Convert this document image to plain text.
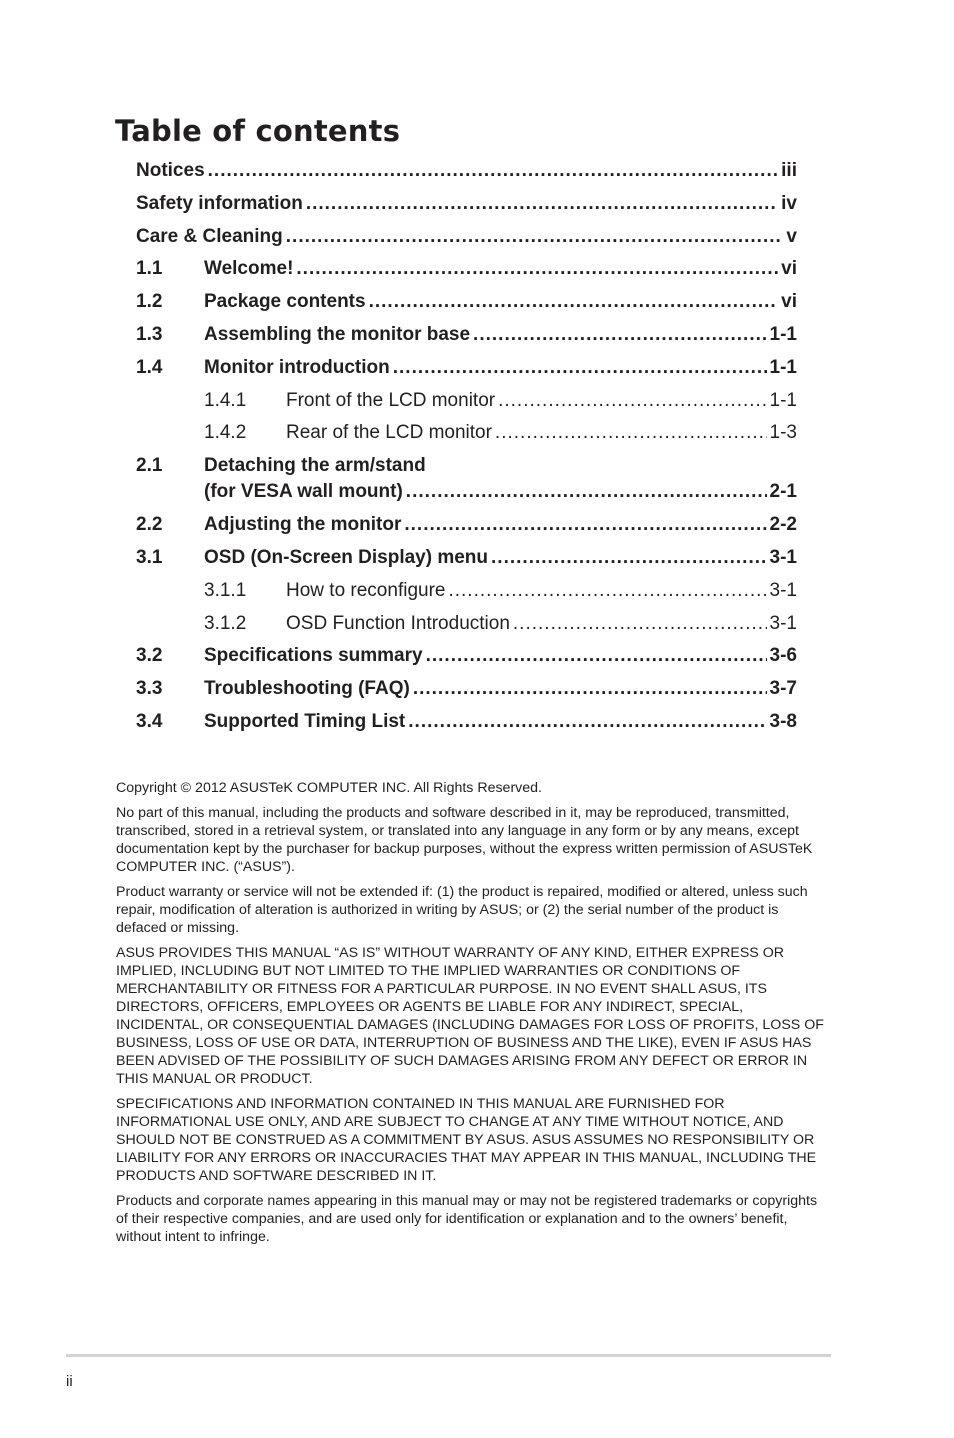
Table of contents
Notices .....	iii
Safety information .....	iv
Care & Cleaning .....	v
1.1	Welcome! .....	vi
1.2	Package contents .....	vi
1.3	Assembling the monitor base .....	1-1
1.4	Monitor introduction .....	1-1
1.4.1	Front of the LCD monitor .....	1-1
1.4.2	Rear of the LCD monitor .....	1-3
2.1 Detaching the arm/stand
(for VESA wall mount) .....	2-1
2.2	Adjusting the monitor .....	2-2
3.1	OSD (On-Screen Display) menu .....	3-1
3.1.1	How to reconfigure .....	3-1
3.1.2	OSD Function Introduction .....	3-1
3.2	Specifications summary .....	3-6
3.3	Troubleshooting (FAQ) .....	3-7
3.4	Supported Timing List .....	3-8

Copyright © 2012 ASUSTeK COMPUTER INC. All Rights Reserved.

No part of this manual, including the products and software described in it, may be reproduced, transmitted, transcribed, stored in a retrieval system, or translated into any language in any form or by any means, except documentation kept by the purchaser for backup purposes, without the express written permission of ASUSTeK COMPUTER INC. (“ASUS”).

Product warranty or service will not be extended if: (1) the product is repaired, modified or altered, unless such repair, modification of alteration is authorized in writing by ASUS; or (2) the serial number of the product is defaced or missing.

ASUS PROVIDES THIS MANUAL “AS IS” WITHOUT WARRANTY OF ANY KIND, EITHER EXPRESS OR IMPLIED, INCLUDING BUT NOT LIMITED TO THE IMPLIED WARRANTIES OR CONDITIONS OF MERCHANTABILITY OR FITNESS FOR A PARTICULAR PURPOSE. IN NO EVENT SHALL ASUS, ITS DIRECTORS, OFFICERS, EMPLOYEES OR AGENTS BE LIABLE FOR ANY INDIRECT, SPECIAL, INCIDENTAL, OR CONSEQUENTIAL DAMAGES (INCLUDING DAMAGES FOR LOSS OF PROFITS, LOSS OF BUSINESS, LOSS OF USE OR DATA, INTERRUPTION OF BUSINESS AND THE LIKE), EVEN IF ASUS HAS BEEN ADVISED OF THE POSSIBILITY OF SUCH DAMAGES ARISING FROM ANY DEFECT OR ERROR IN THIS MANUAL OR PRODUCT.

SPECIFICATIONS AND INFORMATION CONTAINED IN THIS MANUAL ARE FURNISHED FOR INFORMATIONAL USE ONLY, AND ARE SUBJECT TO CHANGE AT ANY TIME WITHOUT NOTICE, AND SHOULD NOT BE CONSTRUED AS A COMMITMENT BY ASUS. ASUS ASSUMES NO RESPONSIBILITY OR LIABILITY FOR ANY ERRORS OR INACCURACIES THAT MAY APPEAR IN THIS MANUAL, INCLUDING THE PRODUCTS AND SOFTWARE DESCRIBED IN IT.

Products and corporate names appearing in this manual may or may not be registered trademarks or copyrights of their respective companies, and are used only for identification or explanation and to the owners’ benefit, without intent to infringe.

ii
